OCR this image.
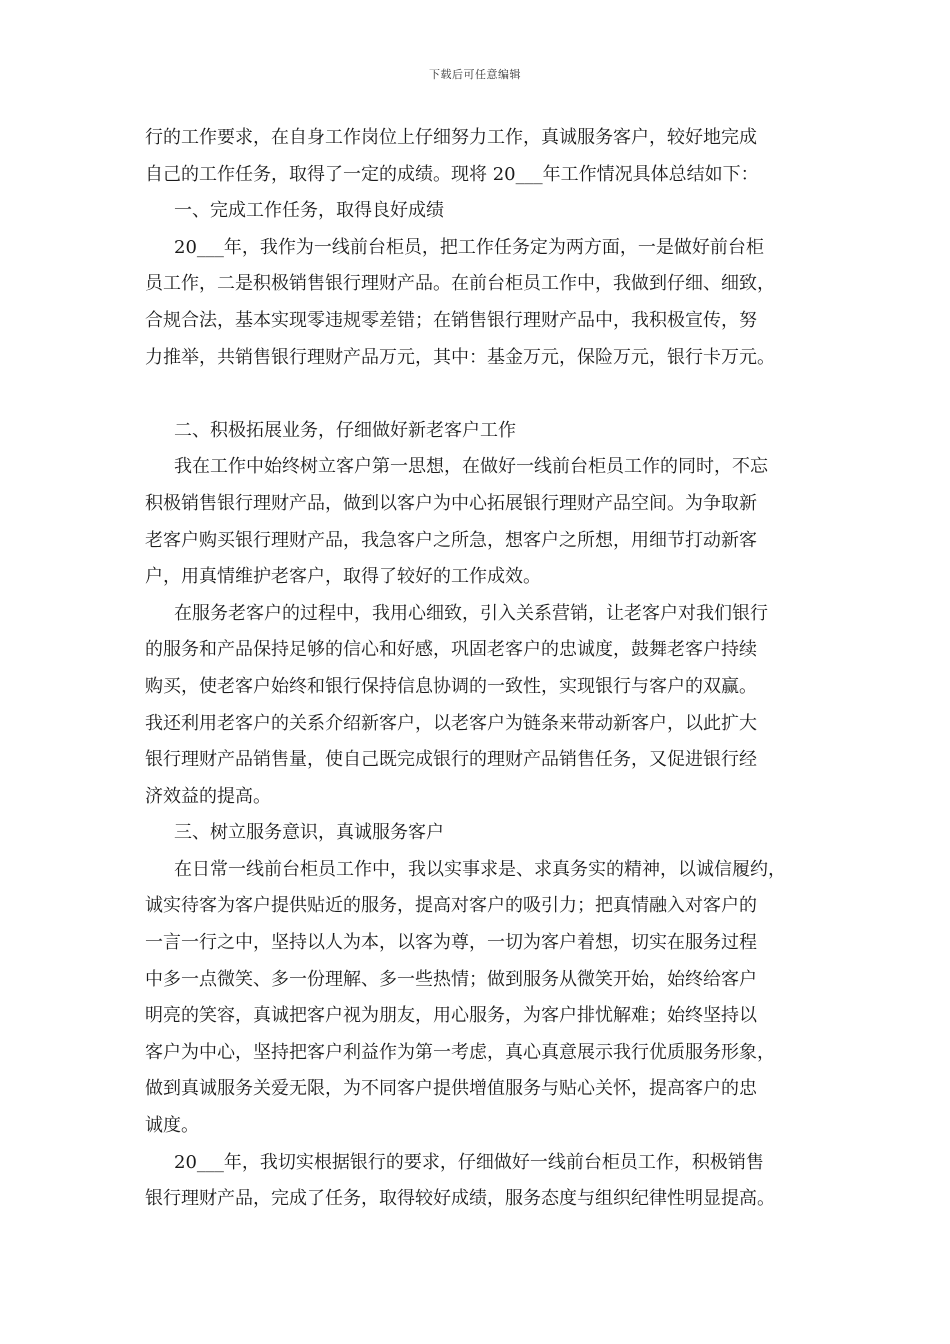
下载后可任意编辑
行的工作要求，在自身工作岗位上仔细努力工作，真诚服务客户，较好地完成
自己的工作任务，取得了一定的成绩。现将 20___年工作情况具体总结如下：
一、完成工作任务，取得良好成绩
20___年，我作为一线前台柜员，把工作任务定为两方面，一是做好前台柜
员工作，二是积极销售银行理财产品。在前台柜员工作中，我做到仔细、细致，
合规合法，基本实现零违规零差错；在销售银行理财产品中，我积极宣传，努
力推举，共销售银行理财产品万元，其中：基金万元，保险万元，银行卡万元。
二、积极拓展业务，仔细做好新老客户工作
我在工作中始终树立客户第一思想，在做好一线前台柜员工作的同时，不忘
积极销售银行理财产品，做到以客户为中心拓展银行理财产品空间。为争取新
老客户购买银行理财产品，我急客户之所急，想客户之所想，用细节打动新客
户，用真情维护老客户，取得了较好的工作成效。
在服务老客户的过程中，我用心细致，引入关系营销，让老客户对我们银行
的服务和产品保持足够的信心和好感，巩固老客户的忠诚度，鼓舞老客户持续
购买，使老客户始终和银行保持信息协调的一致性，实现银行与客户的双赢。
我还利用老客户的关系介绍新客户，以老客户为链条来带动新客户，以此扩大
银行理财产品销售量，使自己既完成银行的理财产品销售任务，又促进银行经
济效益的提高。
三、树立服务意识，真诚服务客户
在日常一线前台柜员工作中，我以实事求是、求真务实的精神，以诚信履约，
诚实待客为客户提供贴近的服务，提高对客户的吸引力；把真情融入对客户的
一言一行之中，坚持以人为本，以客为尊，一切为客户着想，切实在服务过程
中多一点微笑、多一份理解、多一些热情；做到服务从微笑开始，始终给客户
明亮的笑容，真诚把客户视为朋友，用心服务，为客户排忧解难；始终坚持以
客户为中心，坚持把客户利益作为第一考虑，真心真意展示我行优质服务形象，
做到真诚服务关爱无限，为不同客户提供增值服务与贴心关怀，提高客户的忠
诚度。
20___年，我切实根据银行的要求，仔细做好一线前台柜员工作，积极销售
银行理财产品，完成了任务，取得较好成绩，服务态度与组织纪律性明显提高。
